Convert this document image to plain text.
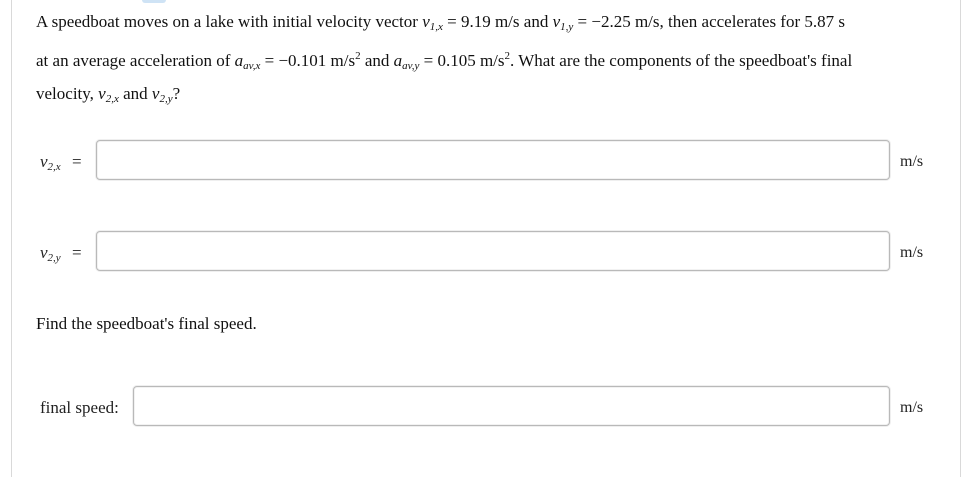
A speedboat moves on a lake with initial velocity vector $v_{1,x} = 9.19$ m/s and $v_{1,y} = -2.25$ m/s, then accelerates for 5.87 s
at an average acceleration of $a_{av,x} = -0.101$ $m/s^2$ and $a_{av,y} = 0.105$ $m/s^2$. What are the components of the speedboat's final
velocity, $v_{2,x}$ and $v_{2,y}$?
$v_{2,x}$ =	m/s
$v_{2,y}$ =	m/s
Find the speedboat's final speed.
final speed:	m/s
